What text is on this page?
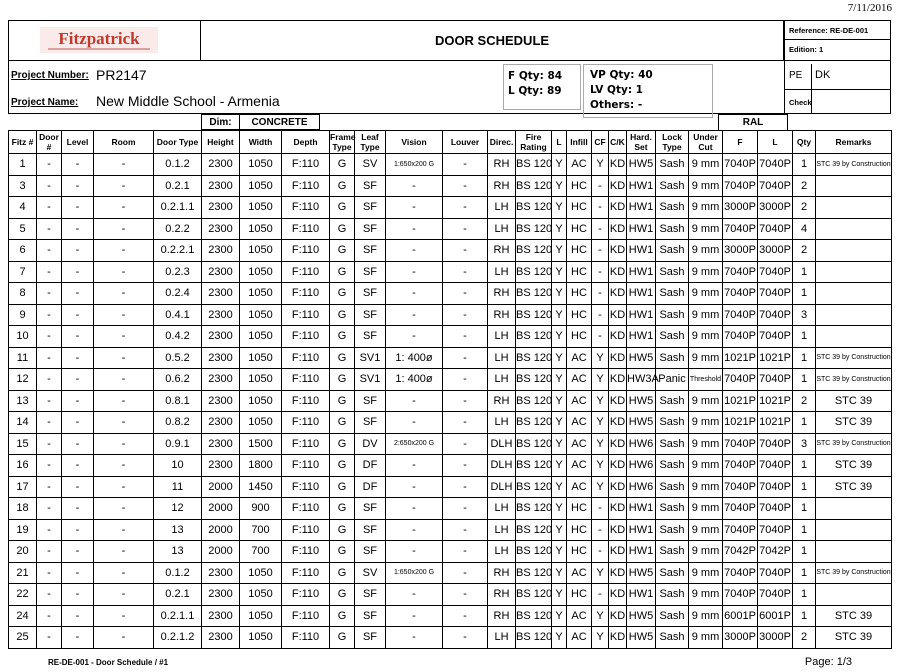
7/11/2016
Fitzpatrick	DOOR SCHEDULE
Reference: RE-DE-001
Edition: 1
PE DK
Check
Project Number: PR2147
Project Name: New Middle School - Armenia
F Qty: 84
L Qty: 89
VP Qty: 40
LV Qty: 1
Others: -
Dim:	CONCRETE	RAL
Fitz #	Door #	Level	Room	Door Type	Height	Width	Depth	Frame Type	Leaf Type	Vision	Louver	Direc.	Fire Rating	L	Infill	CF	C/K	Hard. Set	Lock Type	Under Cut	F	L	Qty	Remarks
1	-	-	-	0.1.2	2300	1050	F:110	G	SV	1:650x200 G	-	RH	BS 120	Y	AC	Y	KD	HW5	Sash	9 mm	7040P	7040P	1	STC 39 by Construction
3	-	-	-	0.2.1	2300	1050	F:110	G	SF	-	-	RH	BS 120	Y	HC	-	KD	HW1	Sash	9 mm	7040P	7040P	2	
4	-	-	-	0.2.1.1	2300	1050	F:110	G	SF	-	-	LH	BS 120	Y	HC	-	KD	HW1	Sash	9 mm	3000P	3000P	2	
5	-	-	-	0.2.2	2300	1050	F:110	G	SF	-	-	LH	BS 120	Y	HC	-	KD	HW1	Sash	9 mm	7040P	7040P	4	
6	-	-	-	0.2.2.1	2300	1050	F:110	G	SF	-	-	RH	BS 120	Y	HC	-	KD	HW1	Sash	9 mm	3000P	3000P	2	
7	-	-	-	0.2.3	2300	1050	F:110	G	SF	-	-	LH	BS 120	Y	HC	-	KD	HW1	Sash	9 mm	7040P	7040P	1	
8	-	-	-	0.2.4	2300	1050	F:110	G	SF	-	-	RH	BS 120	Y	HC	-	KD	HW1	Sash	9 mm	7040P	7040P	1	
9	-	-	-	0.4.1	2300	1050	F:110	G	SF	-	-	RH	BS 120	Y	HC	-	KD	HW1	Sash	9 mm	7040P	7040P	3	
10	-	-	-	0.4.2	2300	1050	F:110	G	SF	-	-	LH	BS 120	Y	HC	-	KD	HW1	Sash	9 mm	7040P	7040P	1	
11	-	-	-	0.5.2	2300	1050	F:110	G	SV1	1: 400ø	-	LH	BS 120	Y	AC	Y	KD	HW5	Sash	9 mm	1021P	1021P	1	STC 39 by Construction
12	-	-	-	0.6.2	2300	1050	F:110	G	SV1	1: 400ø	-	LH	BS 120	Y	AC	Y	KD	HW3A	Panic	Threshold	7040P	7040P	1	STC 39 by Construction
13	-	-	-	0.8.1	2300	1050	F:110	G	SF	-	-	RH	BS 120	Y	AC	Y	KD	HW5	Sash	9 mm	1021P	1021P	2	STC 39
14	-	-	-	0.8.2	2300	1050	F:110	G	SF	-	-	LH	BS 120	Y	AC	Y	KD	HW5	Sash	9 mm	1021P	1021P	1	STC 39
15	-	-	-	0.9.1	2300	1500	F:110	G	DV	2:650x200 G	-	DLH	BS 120	Y	AC	Y	KD	HW6	Sash	9 mm	7040P	7040P	3	STC 39 by Construction
16	-	-	-	10	2300	1800	F:110	G	DF	-	-	DLH	BS 120	Y	AC	Y	KD	HW6	Sash	9 mm	7040P	7040P	1	STC 39
17	-	-	-	11	2000	1450	F:110	G	DF	-	-	DLH	BS 120	Y	AC	Y	KD	HW6	Sash	9 mm	7040P	7040P	1	STC 39
18	-	-	-	12	2000	900	F:110	G	SF	-	-	LH	BS 120	Y	HC	-	KD	HW1	Sash	9 mm	7040P	7040P	1	
19	-	-	-	13	2000	700	F:110	G	SF	-	-	LH	BS 120	Y	HC	-	KD	HW1	Sash	9 mm	7040P	7040P	1	
20	-	-	-	13	2000	700	F:110	G	SF	-	-	LH	BS 120	Y	HC	-	KD	HW1	Sash	9 mm	7042P	7042P	1	
21	-	-	-	0.1.2	2300	1050	F:110	G	SV	1:650x200 G	-	RH	BS 120	Y	AC	Y	KD	HW5	Sash	9 mm	7040P	7040P	1	STC 39 by Construction
22	-	-	-	0.2.1	2300	1050	F:110	G	SF	-	-	RH	BS 120	Y	HC	-	KD	HW1	Sash	9 mm	7040P	7040P	1	
24	-	-	-	0.2.1.1	2300	1050	F:110	G	SF	-	-	RH	BS 120	Y	AC	Y	KD	HW5	Sash	9 mm	6001P	6001P	1	STC 39
25	-	-	-	0.2.1.2	2300	1050	F:110	G	SF	-	-	LH	BS 120	Y	AC	Y	KD	HW5	Sash	9 mm	3000P	3000P	2	STC 39
RE-DE-001 - Door Schedule / #1	Page: 1/3
